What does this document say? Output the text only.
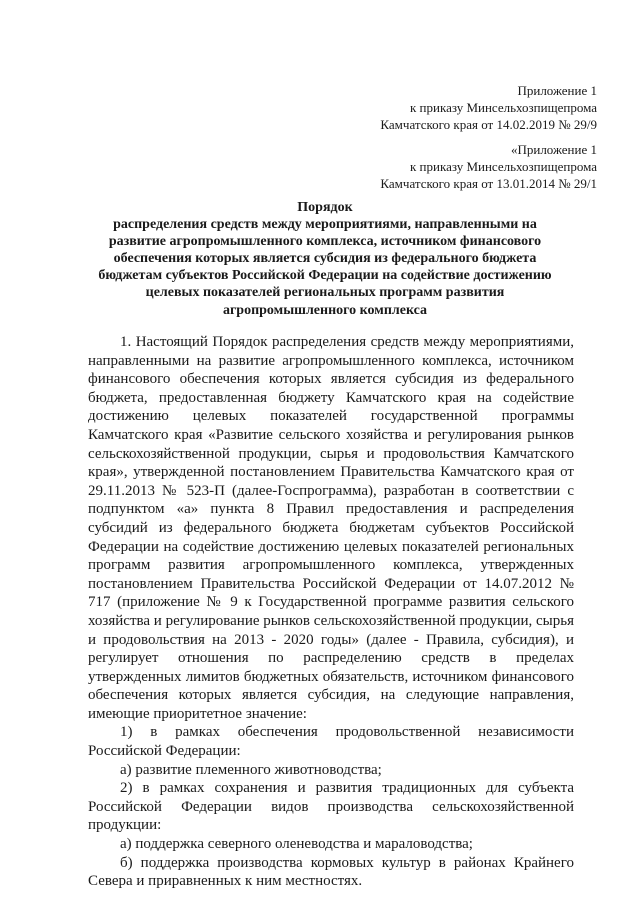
Приложение 1
к приказу Минсельхозпищепрома
Камчатского края от 14.02.2019 № 29/9
«Приложение 1
к приказу Минсельхозпищепрома
Камчатского края от 13.01.2014 № 29/1
Порядок
распределения средств между мероприятиями, направленными на
развитие агропромышленного комплекса, источником финансового
обеспечения которых является субсидия из федерального бюджета
бюджетам субъектов Российской Федерации на содействие достижению
целевых показателей региональных программ развития
агропромышленного комплекса

1. Настоящий Порядок распределения средств между мероприятиями, направленными на развитие агропромышленного комплекса, источником финансового обеспечения которых является субсидия из федерального бюджета, предоставленная бюджету Камчатского края на содействие достижению целевых показателей государственной программы Камчатского края «Развитие сельского хозяйства и регулирования рынков сельскохозяйственной продукции, сырья и продовольствия Камчатского края», утвержденной постановлением Правительства Камчатского края от 29.11.2013 № 523-П (далее-Госпрограмма), разработан в соответствии с подпунктом «а» пункта 8 Правил предоставления и распределения субсидий из федерального бюджета бюджетам субъектов Российской Федерации на содействие достижению целевых показателей региональных программ развития агропромышленного комплекса, утвержденных постановлением Правительства Российской Федерации от 14.07.2012 № 717 (приложение № 9 к Государственной программе развития сельского хозяйства и регулирование рынков сельскохозяйственной продукции, сырья и продовольствия на 2013 - 2020 годы» (далее - Правила, субсидия), и регулирует отношения по распределению средств в пределах утвержденных лимитов бюджетных обязательств, источником финансового обеспечения которых является субсидия, на следующие направления, имеющие приоритетное значение:

1) в рамках обеспечения продовольственной независимости Российской Федерации:

а) развитие племенного животноводства;

2) в рамках сохранения и развития традиционных для субъекта Российской Федерации видов производства сельскохозяйственной продукции:

а) поддержка северного оленеводства и мараловодства;

б) поддержка производства кормовых культур в районах Крайнего Севера и приравненных к ним местностях.
